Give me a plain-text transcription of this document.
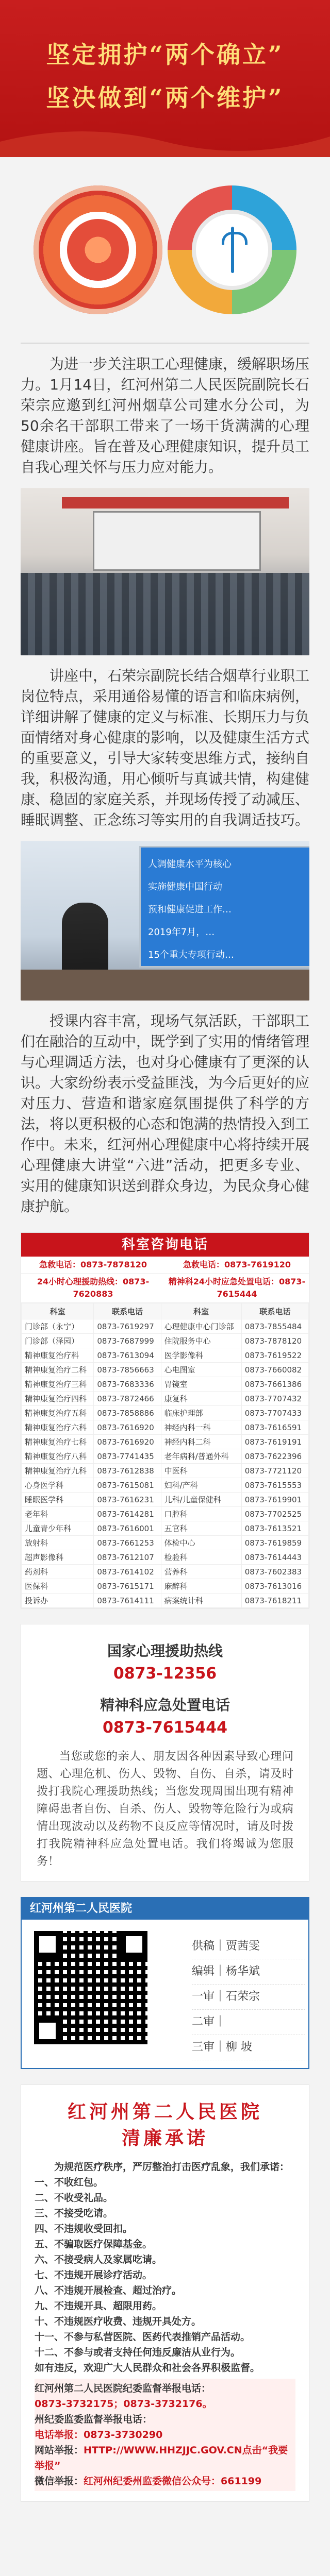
坚定拥护“两个确立”
坚决做到“两个维护”

为进一步关注职工心理健康，缓解职场压力。1月14日，红河州第二人民医院副院长石荣宗应邀到红河州烟草公司建水分公司，为50余名干部职工带来了一场干货满满的心理健康讲座。旨在普及心理健康知识，提升员工自我心理关怀与压力应对能力。

讲座中，石荣宗副院长结合烟草行业职工岗位特点，采用通俗易懂的语言和临床病例，详细讲解了健康的定义与标准、长期压力与负面情绪对身心健康的影响，以及健康生活方式的重要意义，引导大家转变思维方式，接纳自我，积极沟通，用心倾听与真诚共情，构建健康、稳固的家庭关系，并现场传授了动减压、睡眠调整、正念练习等实用的自我调适技巧。

人调健康水平为核心
实施健康中国行动
预和健康促进工作…
2019年7月，…
15个重大专项行动…

授课内容丰富，现场气氛活跃，干部职工们在融洽的互动中，既学到了实用的情绪管理与心理调适方法，也对身心健康有了更深的认识。大家纷纷表示受益匪浅，为今后更好的应对压力、营造和谐家庭氛围提供了科学的方法，将以更积极的心态和饱满的热情投入到工作中。未来，红河州心理健康中心将持续开展心理健康大讲堂“六进”活动，把更多专业、实用的健康知识送到群众身边，为民众身心健康护航。

科室咨询电话
急救电话：0873-7878120	急救电话：0873-7619120
24小时心理援助热线：0873-7620883
精神科24小时应急处置电话：0873-7615444
科室	联系电话	科室	联系电话
门诊部（永宁）	0873-7619297	心理健康中心门诊部	0873-7855484
门诊部（泽园）	0873-7687999	住院服务中心	0873-7878120
精神康复治疗科	0873-7613094	医学影像科	0873-7619522
精神康复治疗二科	0873-7856663	心电图室	0873-7660082
精神康复治疗三科	0873-7683336	胃镜室	0873-7661386
精神康复治疗四科	0873-7872466	康复科	0873-7707432
精神康复治疗五科	0873-7858886	临床护理部	0873-7707433
精神康复治疗六科	0873-7616920	神经内科一科	0873-7616591
精神康复治疗七科	0873-7616920	神经内科二科	0873-7619191
精神康复治疗八科	0873-7741435	老年病科/普通外科	0873-7622396
精神康复治疗九科	0873-7612838	中医科	0873-7721120
心身医学科	0873-7615081	妇科/产科	0873-7615553
睡眠医学科	0873-7616231	儿科/儿童保健科	0873-7619901
老年科	0873-7614281	口腔科	0873-7702525
儿童青少年科	0873-7616001	五官科	0873-7613521
放射科	0873-7661253	体检中心	0873-7619859
超声影像科	0873-7612107	检验科	0873-7614443
药剂科	0873-7614102	营养科	0873-7602383
医保科	0873-7615171	麻醉科	0873-7613016
投诉办	0873-7614111	病案统计科	0873-7618211
国家心理援助热线
0873-12356
精神科应急处置电话
0873-7615444
当您或您的亲人、朋友因各种因素导致心理问题、心理危机、伤人、毁物、自伤、自杀，请及时拨打我院心理援助热线；当您发现周围出现有精神障碍患者自伤、自杀、伤人、毁物等危险行为或病情出现波动以及药物不良反应等情况时，请及时拨打我院精神科应急处置电话。我们将竭诚为您服务！
红河州第二人民医院
供稿｜贾茜雯
编辑｜杨华斌
一审｜石荣宗
二审｜
三审｜柳 坡
红河州第二人民医院
清廉承诺
为规范医疗秩序，严厉整治打击医疗乱象，我们承诺：
一、不收红包。
二、不收受礼品。
三、不接受吃请。
四、不违规收受回扣。
五、不骗取医疗保障基金。
六、不接受病人及家属吃请。
七、不违规开展诊疗活动。
八、不违规开展检查、超过治疗。
九、不违规开具、超限用药。
十、不违规医疗收费、违规开具处方。
十一、不参与私营医院、医药代表推销产品活动。
十二、不参与或者支持任何违反廉洁从业行为。
如有违反，欢迎广大人民群众和社会各界积极监督。
红河州第二人民医院纪委监督举报电话：
0873-3732175；0873-3732176。
州纪委监委监督举报电话：
电话举报：0873-3730290
网站举报：HTTP://WWW.HHZJJC.GOV.CN点击“我要举报”
微信举报：红河州纪委州监委微信公众号：661199
